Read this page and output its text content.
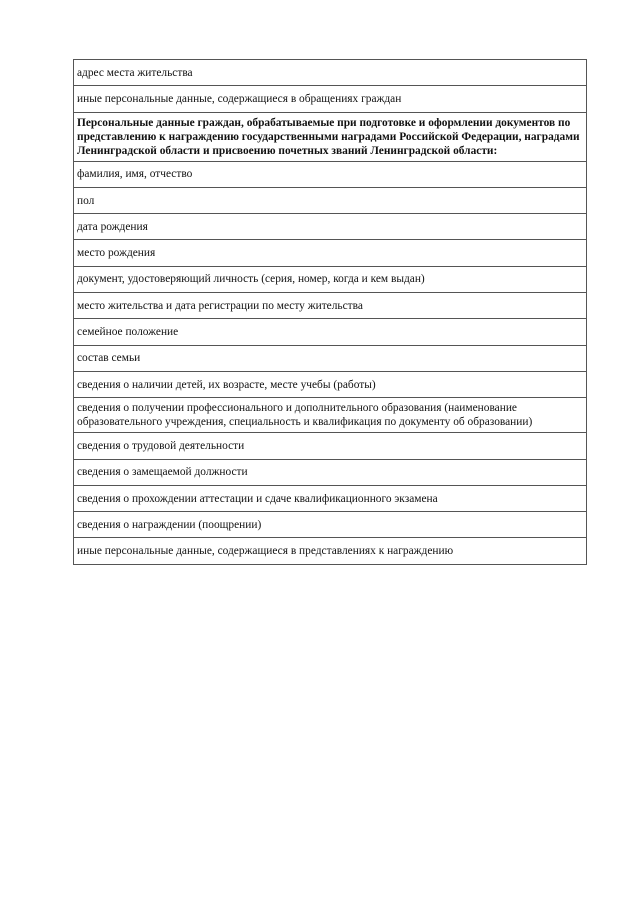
адрес места жительства
иные персональные данные, содержащиеся в обращениях граждан
Персональные данные граждан, обрабатываемые при подготовке и оформлении документов по представлению к награждению государственными наградами Российской Федерации, наградами Ленинградской области и присвоению почетных званий Ленинградской области:
фамилия, имя, отчество
пол
дата рождения
место рождения
документ, удостоверяющий личность (серия, номер, когда и кем выдан)
место жительства и дата регистрации по месту жительства
семейное положение
состав семьи
сведения о наличии детей, их возрасте, месте учебы (работы)
сведения о получении профессионального и дополнительного образования (наименование образовательного учреждения, специальность и квалификация по документу об образовании)
сведения о трудовой деятельности
сведения о замещаемой должности
сведения о прохождении аттестации и сдаче квалификационного экзамена
сведения о награждении (поощрении)
иные персональные данные, содержащиеся в представлениях к награждению
